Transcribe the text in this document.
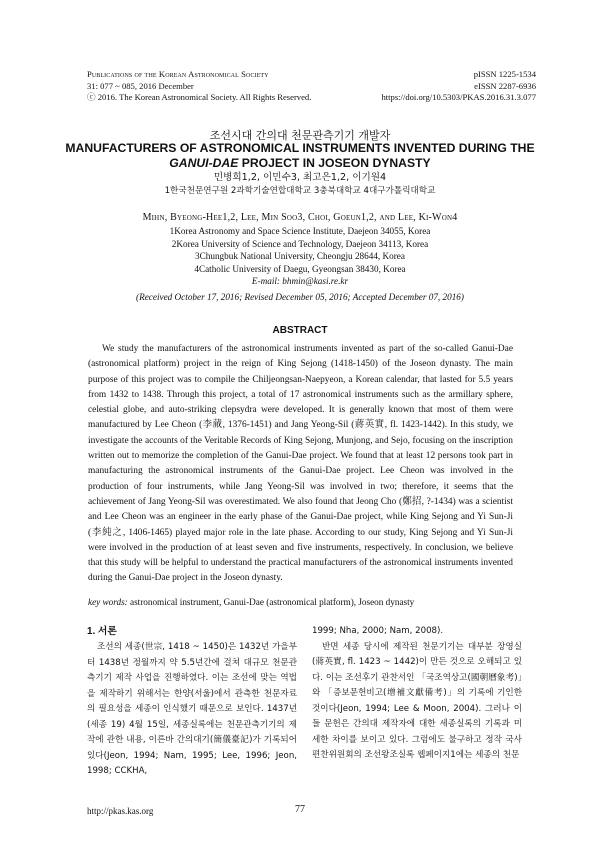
Publications of the Korean Astronomical Society	pISSN 1225-1534
31: 077 ~ 085, 2016 December	eISSN 2287-6936
ⓒ 2016. The Korean Astronomical Society. All Rights Reserved.	https://doi.org/10.5303/PKAS.2016.31.3.077
조선시대 간의대 천문관측기기 개발자
MANUFACTURERS OF ASTRONOMICAL INSTRUMENTS INVENTED DURING THE
GANUI-DAE PROJECT IN JOSEON DYNASTY
민병희1,2, 이민수3, 최고은1,2, 이기원4
1한국천문연구원 2과학기술연합대학교 3충북대학교 4대구가톨릭대학교
Mihn, Byeong-Hee1,2, Lee, Min Soo3, Choi, Goeun1,2, and Lee, Ki-Won4
1Korea Astronomy and Space Science Institute, Daejeon 34055, Korea
2Korea University of Science and Technology, Daejeon 34113, Korea
3Chungbuk National University, Cheongju 28644, Korea
4Catholic University of Daegu, Gyeongsan 38430, Korea
E-mail: bhmin@kasi.re.kr
(Received October 17, 2016; Revised December 05, 2016; Accepted December 07, 2016)
ABSTRACT

We study the manufacturers of the astronomical instruments invented as part of the so-called Ganui-Dae (astronomical platform) project in the reign of King Sejong (1418-1450) of the Joseon dynasty. The main purpose of this project was to compile the Chiljeongsan-Naepyeon, a Korean calendar, that lasted for 5.5 years from 1432 to 1438. Through this project, a total of 17 astronomical instruments such as the armillary sphere, celestial globe, and auto-striking clepsydra were developed. It is generally known that most of them were manufactured by Lee Cheon (李蕆, 1376-1451) and Jang Yeong-Sil (蔣英實, fl. 1423-1442). In this study, we investigate the accounts of the Veritable Records of King Sejong, Munjong, and Sejo, focusing on the inscription written out to memorize the completion of the Ganui-Dae project. We found that at least 12 persons took part in manufacturing the astronomical instruments of the Ganui-Dae project. Lee Cheon was involved in the production of four instruments, while Jang Yeong-Sil was involved in two; therefore, it seems that the achievement of Jang Yeong-Sil was overestimated. We also found that Jeong Cho (鄭招, ?-1434) was a scientist and Lee Cheon was an engineer in the early phase of the Ganui-Dae project, while King Sejong and Yi Sun-Ji (李純之, 1406-1465) played major role in the late phase. According to our study, King Sejong and Yi Sun-Ji were involved in the production of at least seven and five instruments, respectively. In conclusion, we believe that this study will be helpful to understand the practical manufacturers of the astronomical instruments invented during the Ganui-Dae project in the Joseon dynasty.

key words: astronomical instrument, Ganui-Dae (astronomical platform), Joseon dynasty
1. 서론

조선의 세종(世宗, 1418 ~ 1450)은 1432년 가을부터 1438년 정월까지 약 5.5년간에 걸쳐 대규모 천문관측기기 제작 사업을 진행하였다. 이는 조선에 맞는 역법을 제작하기 위해서는 한양(서울)에서 관측한 천문자료의 필요성을 세종이 인식했기 때문으로 보인다. 1437년(세종 19) 4월 15일, 세종실록에는 천문관측기기의 제작에 관한 내용, 이른바 간의대기(簡儀臺記)가 기록되어 있다(Jeon, 1994; Nam, 1995; Lee, 1996; Jeon, 1998; CCKHA,

1999; Nha, 2000; Nam, 2008).
반면 세종 당시에 제작된 천문기기는 대부분 장영실(蔣英實, fl. 1423 ~ 1442)이 만든 것으로 오해되고 있다. 이는 조선후기 관찬서인 「국조역상고(國朝曆象考)」와 「증보문헌비고(增補文獻備考)」의 기록에 기인한 것이다(Jeon, 1994; Lee & Moon, 2004). 그러나 이들 문헌은 간의대 제작자에 대한 세종실록의 기록과 미세한 차이를 보이고 있다. 그럼에도 불구하고 정작 국사편찬위원회의 조선왕조실록 웹페이지1에는 세종의 천문
http://pkas.kas.org	77
